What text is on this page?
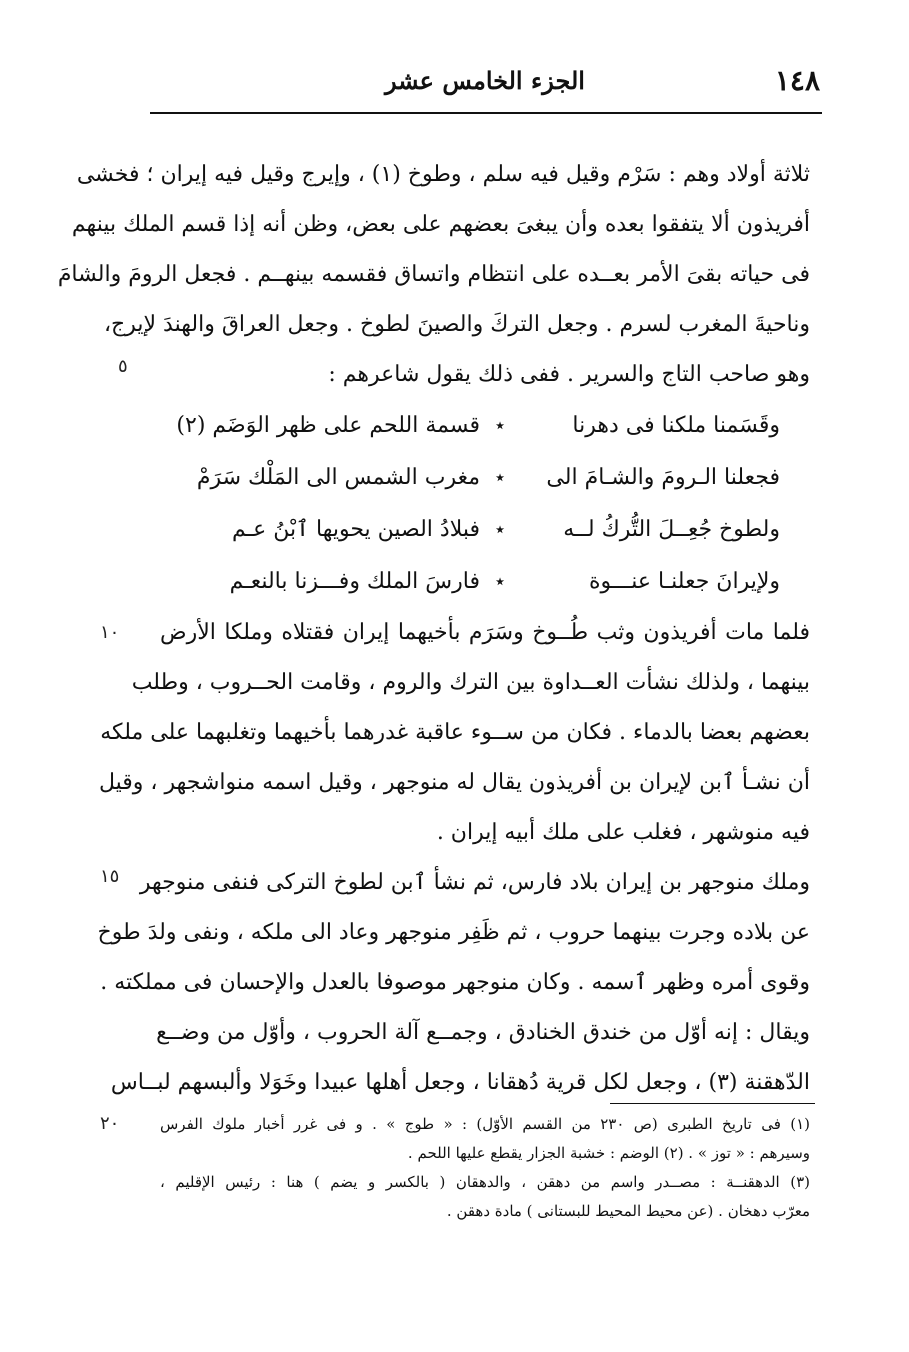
١٤٨
الجزء الخامس عشر
٥
١٠
١٥
٢٠
ثلاثة أولاد وهم : سَرْم وقيل فيه سلم ، وطوخ (١) ، وإيرج وقيل فيه إيران ؛ فخشى
أفريذون ألا يتفقوا بعده وأن يبغىَ بعضهم على بعض، وظن أنه إذا قسم الملك بينهم
فى حياته بقىَ الأمر بعــده على انتظام واتساق فقسمه بينهــم . فجعل الرومَ والشامَ
وناحيةَ المغرب لسرم . وجعل التركَ والصينَ لطوخ . وجعل العراقَ والهندَ لإيرج،
وهو صاحب التاج والسرير . ففى ذلك يقول شاعرهم :
وقَسَمنا ملكنا فى دهرنا
٭
قسمة اللحم على ظهر الوَضَم (٢)
فجعلنا الـرومَ والشـامَ الى
٭
مغرب الشمس الى المَلْك سَرَمْ
ولطوخ جُعِــلَ التُّركُ لــه
٭
فبلادُ الصين يحويها ٱبْنُ عـم
ولإيرانَ جعلنـا عنـــوة
٭
فارسَ الملك وفـــزنا بالنعـم
فلما مات أفريذون وثب طُــوخ وسَرَم بأخيهما إيران فقتلاه وملكا الأرض
بينهما ، ولذلك نشأت العــداوة بين الترك والروم ، وقامت الحــروب ، وطلب
بعضهم بعضا بالدماء . فكان من ســوء عاقبة غدرهما بأخيهما وتغلبهما على ملكه
أن نشـأ ٱبن لإيران بن أفريذون يقال له منوجهر ، وقيل اسمه منواشجهر ، وقيل
فيه منوشهر ، فغلب على ملك أبيه إيران .
وملك منوجهر بن إيران بلاد فارس، ثم نشأ ٱبن لطوخ التركى فنفى منوجهر
عن بلاده وجرت بينهما حروب ، ثم ظَفِر منوجهر وعاد الى ملكه ، ونفى ولدَ طوخ
وقوى أمره وظهر ٱسمه . وكان منوجهر موصوفا بالعدل والإحسان فى مملكته .
ويقال : إنه أوّل من خندق الخنادق ، وجمــع آلة الحروب ، وأوّل من وضــع
الدّهقنة (٣) ، وجعل لكل قرية دُهقانا ، وجعل أهلها عبيدا وخَوَلا وألبسهم لبــاس
(١) فى تاريخ الطبرى (ص ٢٣٠ من القسم الأوّل) : « طوج » . و فى غرر أخبار ملوك الفرس
وسيرهم : « توز » . (٢) الوضم : خشبة الجزار يقطع عليها اللحم .
(٣) الدهقنــة : مصــدر واسم من دهقن ، والدهقان ( بالكسر و يضم ) هنا : رئيس الإقليم ،
معرّب دهخان . (عن محيط المحيط للبستانى ) مادة دهقن .
